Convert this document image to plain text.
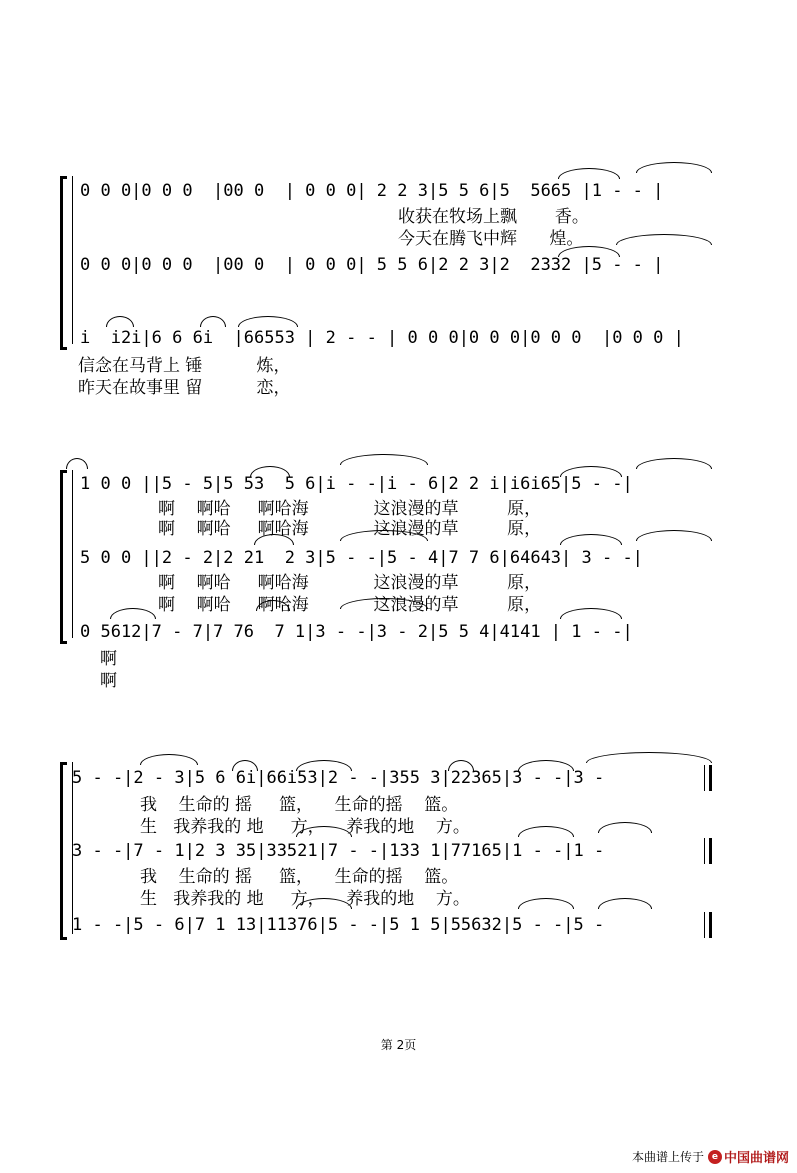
0 0 0|0 0 0  |00 0  | 0 0 0| 2 2 3|5 5 6|5  5665 |1 - - |
收获在牧场上飘       香。
今天在腾飞中辉      煌。
0 0 0|0 0 0  |00 0  | 0 0 0| 5 5 6|2 2 3|2  2332 |5 - - |
i  i2i|6 6 6i  |66553 | 2 - - | 0 0 0|0 0 0|0 0 0  |0 0 0 |
信念在马背上 锤          炼，
昨天在故事里 留          恋，
1 0 0 ||5 - 5|5 53  5 6|i - -|i - 6|2 2 i|i6i65|5 - -|
啊    啊哈     啊哈海            这浪漫的草         原，
啊    啊哈     啊哈海            这浪漫的草         原，
5 0 0 ||2 - 2|2 21  2 3|5 - -|5 - 4|7 7 6|64643| 3 - -|
啊    啊哈     啊哈海            这浪漫的草         原，
啊    啊哈     啊哈海            这浪漫的草         原，
0 5612|7 - 7|7 76  7 1|3 - -|3 - 2|5 5 4|4141 | 1 - -|
啊
啊
5 - -|2 - 3|5 6 6i|66i53|2 - -|355 3|22365|3 - -|3 -
我    生命的 摇     篮，    生命的摇    篮。
生   我养我的 地     方，    养我的地    方。
3 - -|7 - 1|2 3 35|33521|7 - -|133 1|77165|1 - -|1 -
我    生命的 摇     篮，    生命的摇    篮。
生   我养我的 地     方，    养我的地    方。
1 - -|5 - 6|7 1 13|11376|5 - -|5 1 5|55632|5 - -|5 -
第 2页
本曲谱上传于 e 中国曲谱网
